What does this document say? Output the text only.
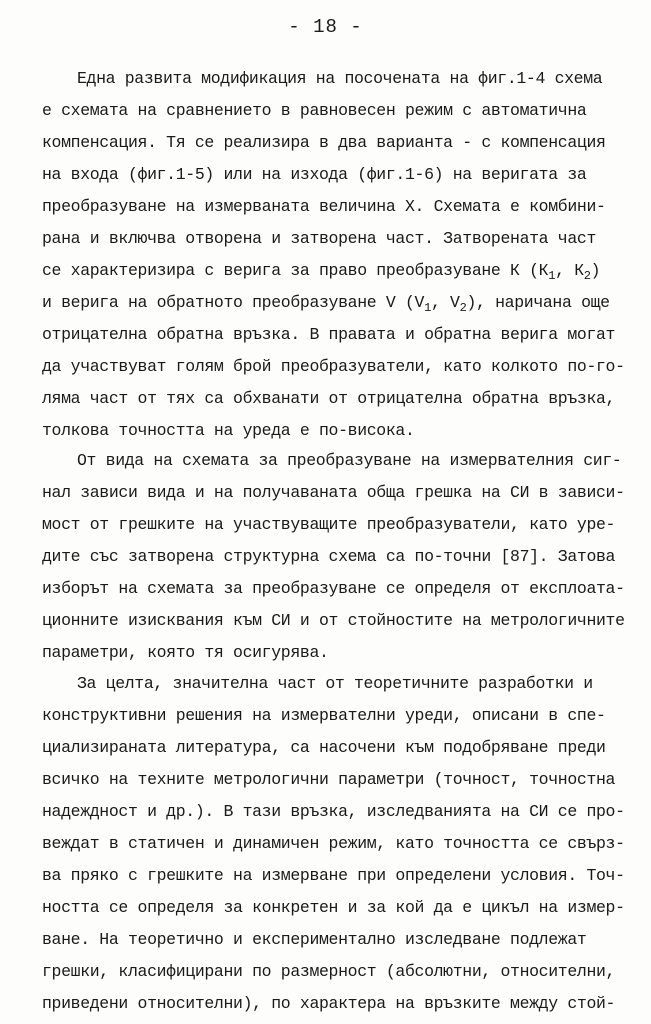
- 18 -
Една развита модификация на посочената на фиг.1-4 схема
е схемата на сравнението в равновесен режим с автоматична
компенсация. Тя се реализира в два варианта - с компенсация
на входа (фиг.1-5) или на изхода (фиг.1-6) на веригата за
преобразуване на измерваната величина Х. Схемата е комбини-
рана и включва отворена и затворена част. Затворената част
се характеризира с верига за право преобразуване К ($К_1$, $К_2$)
и верига на обратното преобразуване V ($V_1$, $V_2$), наричана още
отрицателна обратна връзка. В правата и обратна верига могат
да участвуват голям брой преобразуватели, като колкото по-го-
ляма част от тях са обхванати от отрицателна обратна връзка,
толкова точността на уреда е по-висока.
От вида на схемата за преобразуване на измервателния сиг-
нал зависи вида и на получаваната обща грешка на СИ в зависи-
мост от грешките на участвуващите преобразуватели, като уре-
дите със затворена структурна схема са по-точни [87]. Затова
изборът на схемата за преобразуване се определя от експлоата-
ционните изисквания към СИ и от стойностите на метрологичните
параметри, която тя осигурява.
За целта, значителна част от теоретичните разработки и
конструктивни решения на измервателни уреди, описани в спе-
циализираната литература, са насочени към подобряване преди
всичко на техните метрологични параметри (точност, точностна
надеждност и др.). В тази връзка, изследванията на СИ се про-
веждат в статичен и динамичен режим, като точността се свърз-
ва пряко с грешките на измерване при определени условия. Точ-
ността се определя за конкретен и за кой да е цикъл на измер-
ване. На теоретично и експериментално изследване подлежат
грешки, класифицирани по размерност (абсолютни, относителни,
приведени относителни), по характера на връзките между стой-
